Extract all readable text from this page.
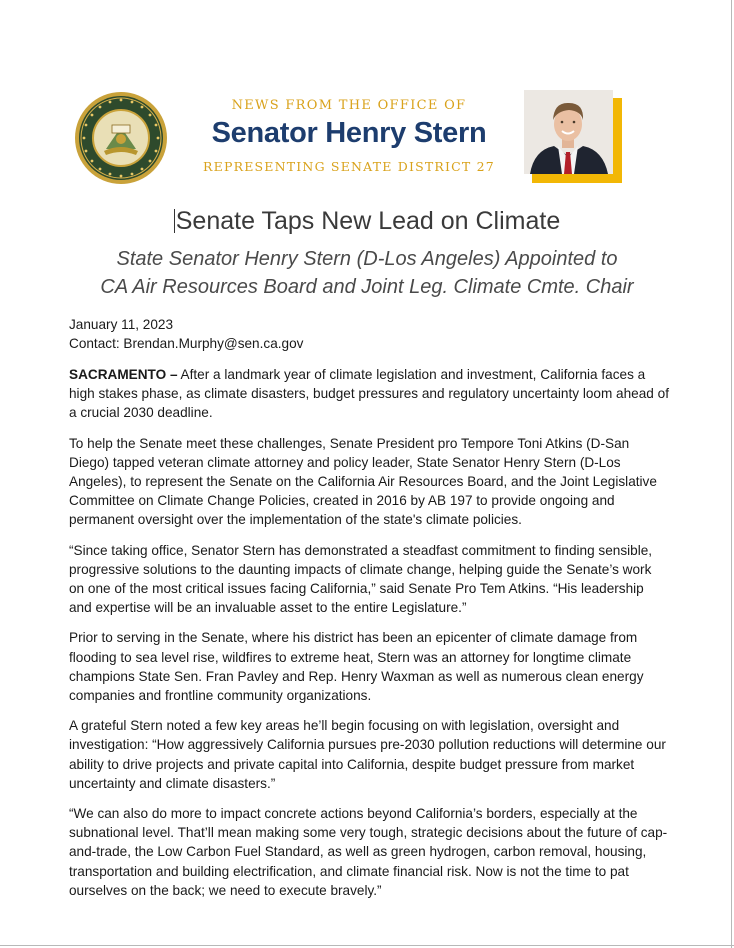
NEWS FROM THE OFFICE OF
Senator Henry Stern
REPRESENTING SENATE DISTRICT 27
Senate Taps New Lead on Climate
State Senator Henry Stern (D-Los Angeles) Appointed to
CA Air Resources Board and Joint Leg. Climate Cmte. Chair
January 11, 2023
Contact: Brendan.Murphy@sen.ca.gov

SACRAMENTO – After a landmark year of climate legislation and investment, California faces a high stakes phase, as climate disasters, budget pressures and regulatory uncertainty loom ahead of a crucial 2030 deadline.

To help the Senate meet these challenges, Senate President pro Tempore Toni Atkins (D-San Diego) tapped veteran climate attorney and policy leader, State Senator Henry Stern (D-Los Angeles), to represent the Senate on the California Air Resources Board, and the Joint Legislative Committee on Climate Change Policies, created in 2016 by AB 197 to provide ongoing and permanent oversight over the implementation of the state's climate policies.

“Since taking office, Senator Stern has demonstrated a steadfast commitment to finding sensible, progressive solutions to the daunting impacts of climate change, helping guide the Senate’s work on one of the most critical issues facing California,” said Senate Pro Tem Atkins. “His leadership and expertise will be an invaluable asset to the entire Legislature.”

Prior to serving in the Senate, where his district has been an epicenter of climate damage from flooding to sea level rise, wildfires to extreme heat, Stern was an attorney for longtime climate champions State Sen. Fran Pavley and Rep. Henry Waxman as well as numerous clean energy companies and frontline community organizations.

A grateful Stern noted a few key areas he’ll begin focusing on with legislation, oversight and investigation: “How aggressively California pursues pre-2030 pollution reductions will determine our ability to drive projects and private capital into California, despite budget pressure from market uncertainty and climate disasters.”

“We can also do more to impact concrete actions beyond California’s borders, especially at the subnational level. That’ll mean making some very tough, strategic decisions about the future of cap-and-trade, the Low Carbon Fuel Standard, as well as green hydrogen, carbon removal, housing, transportation and building electrification, and climate financial risk. Now is not the time to pat ourselves on the back; we need to execute bravely.”
